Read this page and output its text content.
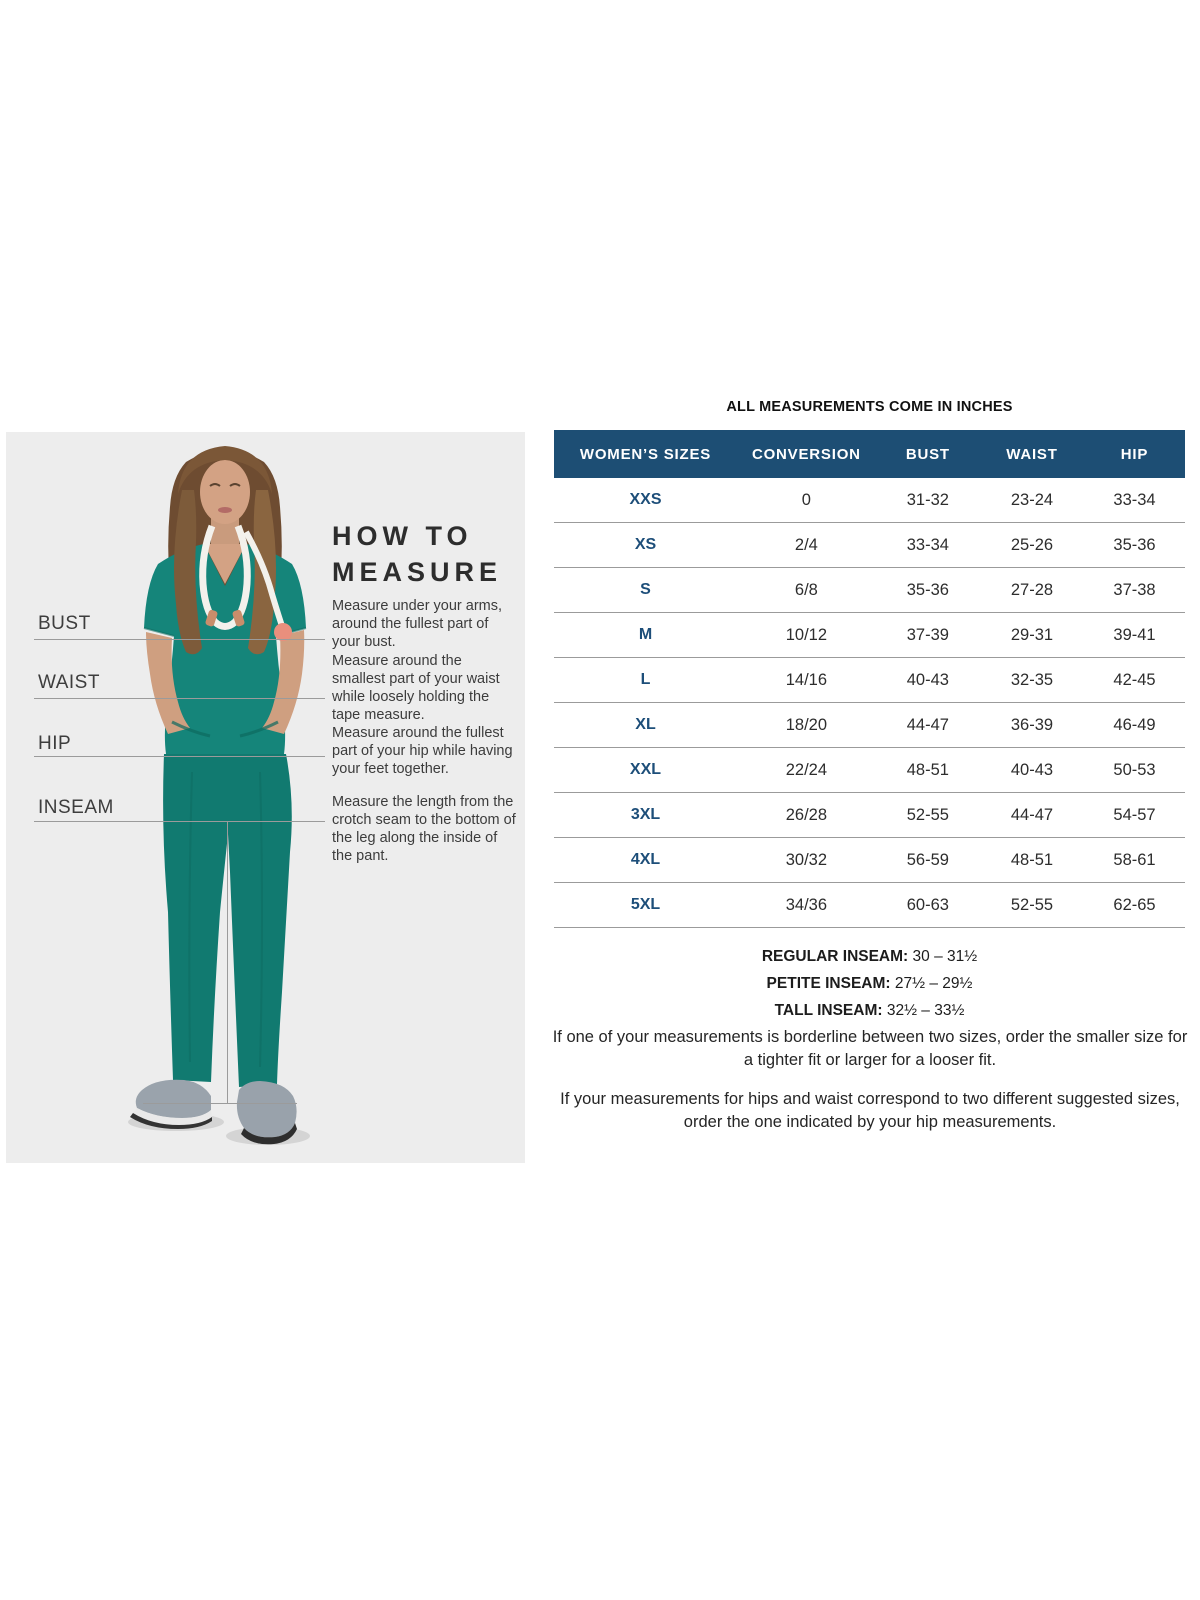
BUST
WAIST
HIP
INSEAM
HOW TO
MEASURE
Measure under your arms, around the fullest part of your bust.
Measure around the smallest part of your waist while loosely holding the tape measure.
Measure around the fullest part of your hip while having your feet together.
Measure the length from the crotch seam to the bottom of the leg along the inside of the pant.
ALL MEASUREMENTS COME IN INCHES
WOMEN’S SIZES	CONVERSION	BUST	WAIST	HIP
XXS	0	31-32	23-24	33-34
XS	2/4	33-34	25-26	35-36
S	6/8	35-36	27-28	37-38
M	10/12	37-39	29-31	39-41
L	14/16	40-43	32-35	42-45
XL	18/20	44-47	36-39	46-49
XXL	22/24	48-51	40-43	50-53
3XL	26/28	52-55	44-47	54-57
4XL	30/32	56-59	48-51	58-61
5XL	34/36	60-63	52-55	62-65
REGULAR INSEAM: 30 – 31½
PETITE INSEAM: 27½ – 29½
TALL INSEAM: 32½ – 33½
If one of your measurements is borderline between two sizes, order the smaller size for a tighter fit or larger for a looser fit.
If your measurements for hips and waist correspond to two different suggested sizes, order the one indicated by your hip measurements.
